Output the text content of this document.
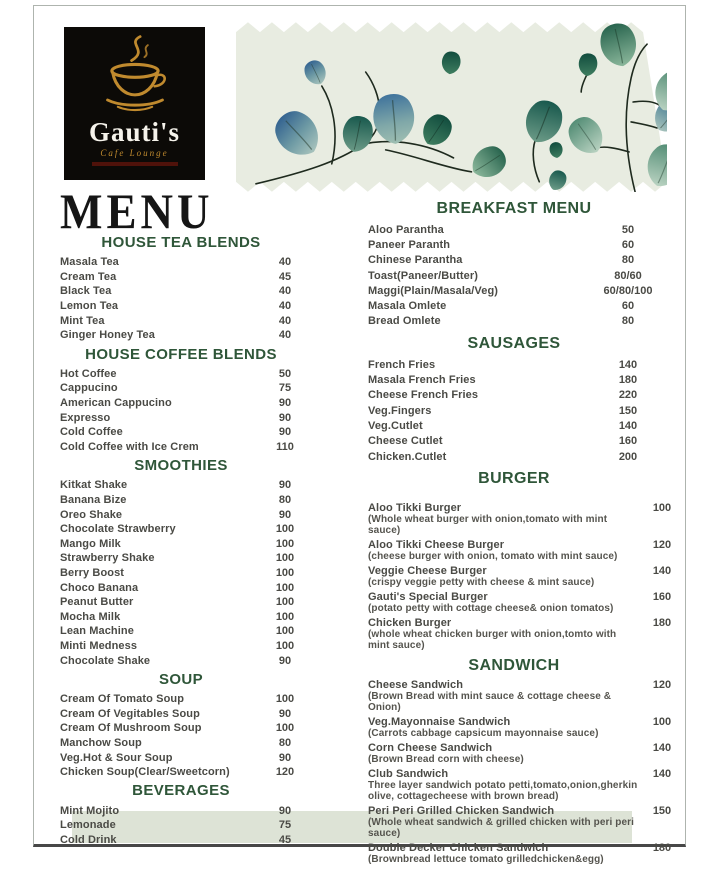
Gauti's
Cafe Lounge
MENU
HOUSE TEA BLENDS
Masala Tea	40
Cream Tea	45
Black Tea	40
Lemon Tea	40
Mint Tea	40
Ginger Honey Tea	40
HOUSE COFFEE BLENDS
Hot Coffee	50
Cappucino	75
American Cappucino	90
Expresso	90
Cold Coffee	90
Cold Coffee with Ice Crem	110
SMOOTHIES
Kitkat Shake	90
Banana Bize	80
Oreo Shake	90
Chocolate Strawberry	100
Mango Milk	100
Strawberry Shake	100
Berry Boost	100
Choco Banana	100
Peanut Butter	100
Mocha Milk	100
Lean Machine	100
Minti Medness	100
Chocolate Shake	90
SOUP
Cream Of Tomato Soup	100
Cream Of Vegitables Soup	90
Cream Of Mushroom Soup	100
Manchow Soup	80
Veg.Hot & Sour Soup	90
Chicken Soup(Clear/Sweetcorn)	120
BEVERAGES
Mint Mojito	90
Lemonade	75
Cold Drink	45
BREAKFAST MENU
Aloo Parantha	50
Paneer Paranth	60
Chinese Parantha	80
Toast(Paneer/Butter)	80/60
Maggi(Plain/Masala/Veg)	60/80/100
Masala Omlete	60
Bread Omlete	80
SAUSAGES
French Fries	140
Masala French Fries	180
Cheese French Fries	220
Veg.Fingers	150
Veg.Cutlet	140
Cheese Cutlet	160
Chicken.Cutlet	200
BURGER
Aloo Tikki Burger
(Whole wheat burger with onion,tomato with mint sauce)
100
Aloo Tikki Cheese Burger
(cheese burger with onion, tomato with mint sauce)
120
Veggie Cheese Burger
(crispy veggie petty with cheese & mint sauce)
140
Gauti's Special Burger
(potato petty with cottage cheese& onion tomatos)
160
Chicken Burger
(whole wheat chicken burger with onion,tomto with mint sauce)
180
SANDWICH
Cheese Sandwich
(Brown Bread with mint sauce & cottage cheese & Onion)
120
Veg.Mayonnaise Sandwich
(Carrots cabbage capsicum mayonnaise sauce)
100
Corn Cheese Sandwich
(Brown Bread corn with cheese)
140
Club Sandwich
Three layer sandwich potato petti,tomato,onion,gherkin olive, cottagecheese with brown bread)
140
Peri Peri Grilled Chicken Sandwich
(Whole wheat sandwich & grilled chicken with peri peri sauce)
150
Double Decker Chicken Sandwich
(Brownbread lettuce tomato grilledchicken&egg)
180
